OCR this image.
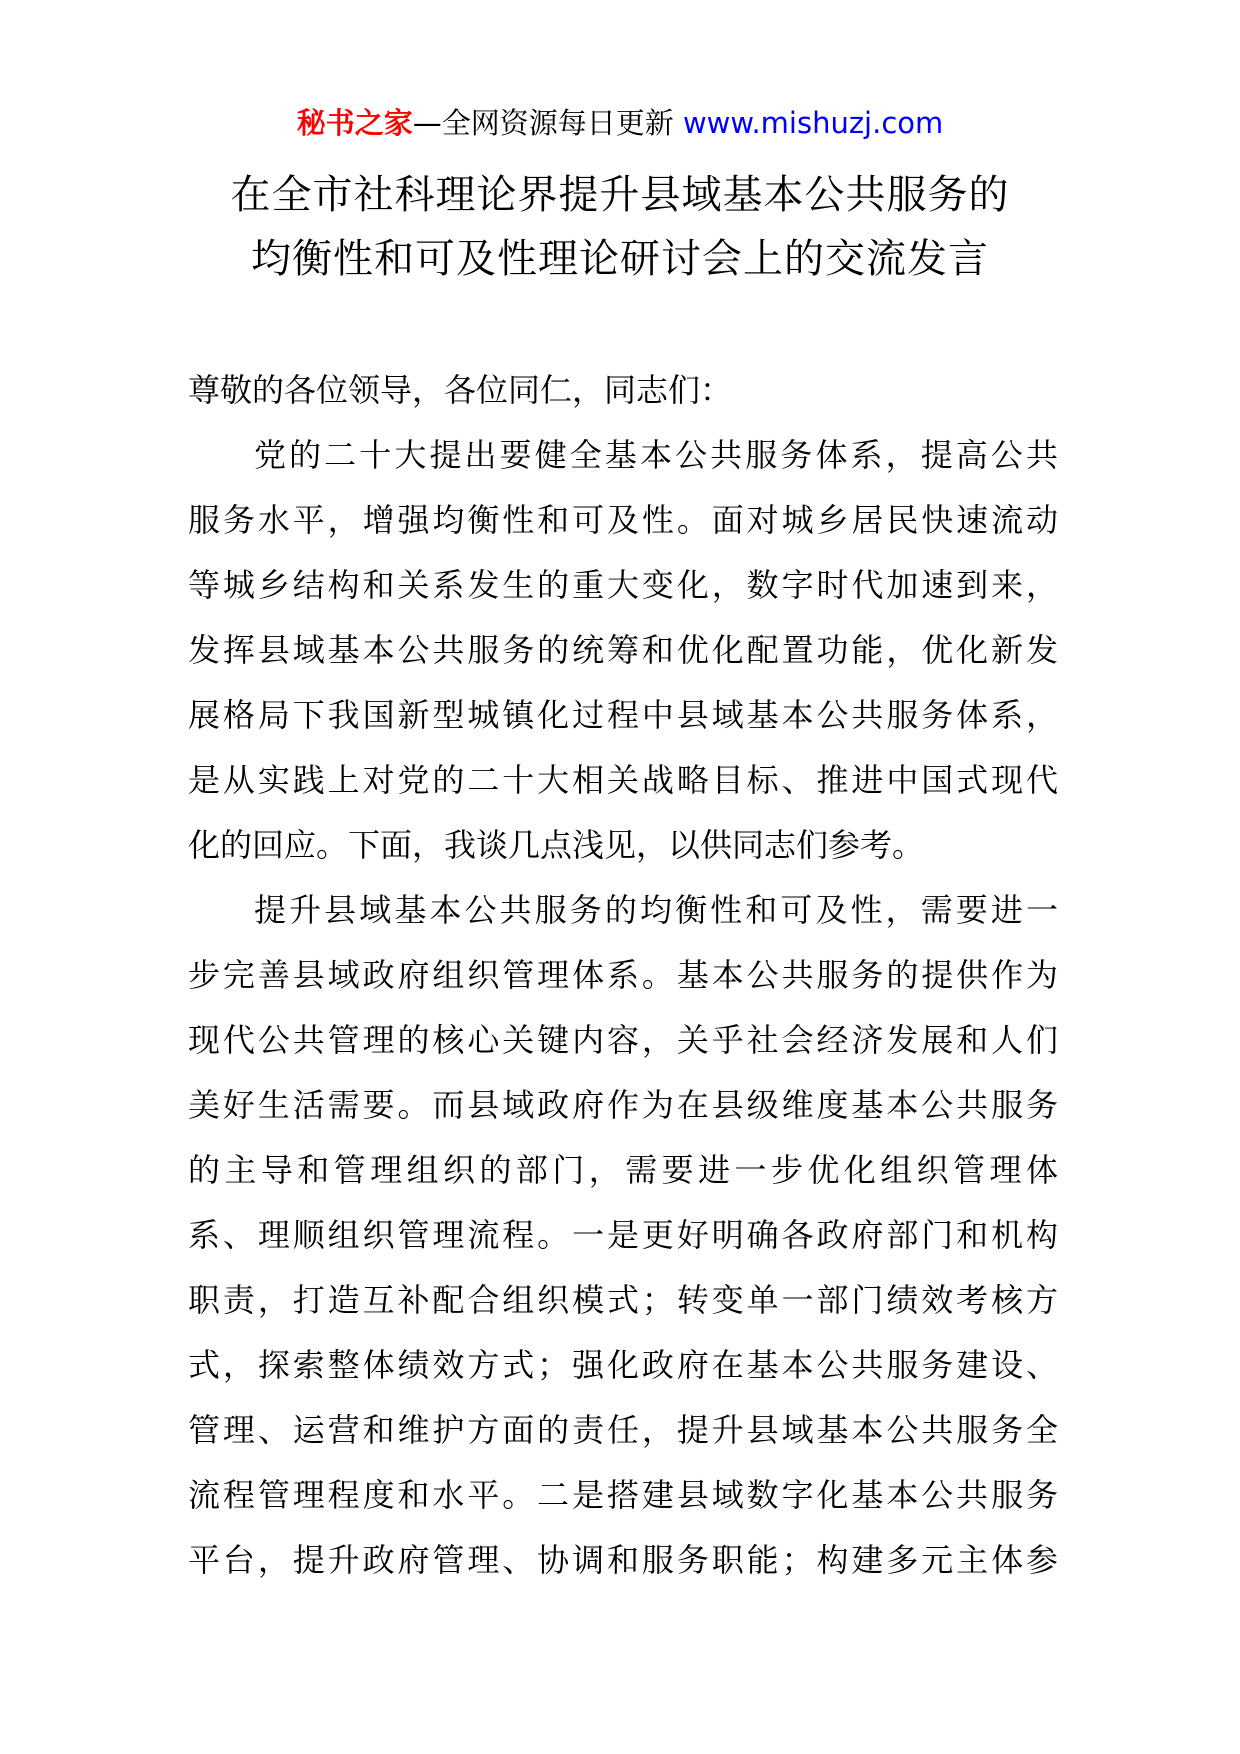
秘书之家—全网资源每日更新 www.mishuzj.com
在全市社科理论界提升县域基本公共服务的
均衡性和可及性理论研讨会上的交流发言
尊敬的各位领导，各位同仁，同志们：
党的二十大提出要健全基本公共服务体系，提高公共
服务水平，增强均衡性和可及性。面对城乡居民快速流动
等城乡结构和关系发生的重大变化，数字时代加速到来，
发挥县域基本公共服务的统筹和优化配置功能，优化新发
展格局下我国新型城镇化过程中县域基本公共服务体系，
是从实践上对党的二十大相关战略目标、推进中国式现代
化的回应。下面，我谈几点浅见，以供同志们参考。
提升县域基本公共服务的均衡性和可及性，需要进一
步完善县域政府组织管理体系。基本公共服务的提供作为
现代公共管理的核心关键内容，关乎社会经济发展和人们
美好生活需要。而县域政府作为在县级维度基本公共服务
的主导和管理组织的部门，需要进一步优化组织管理体
系、理顺组织管理流程。一是更好明确各政府部门和机构
职责，打造互补配合组织模式；转变单一部门绩效考核方
式，探索整体绩效方式；强化政府在基本公共服务建设、
管理、运营和维护方面的责任，提升县域基本公共服务全
流程管理程度和水平。二是搭建县域数字化基本公共服务
平台，提升政府管理、协调和服务职能；构建多元主体参
